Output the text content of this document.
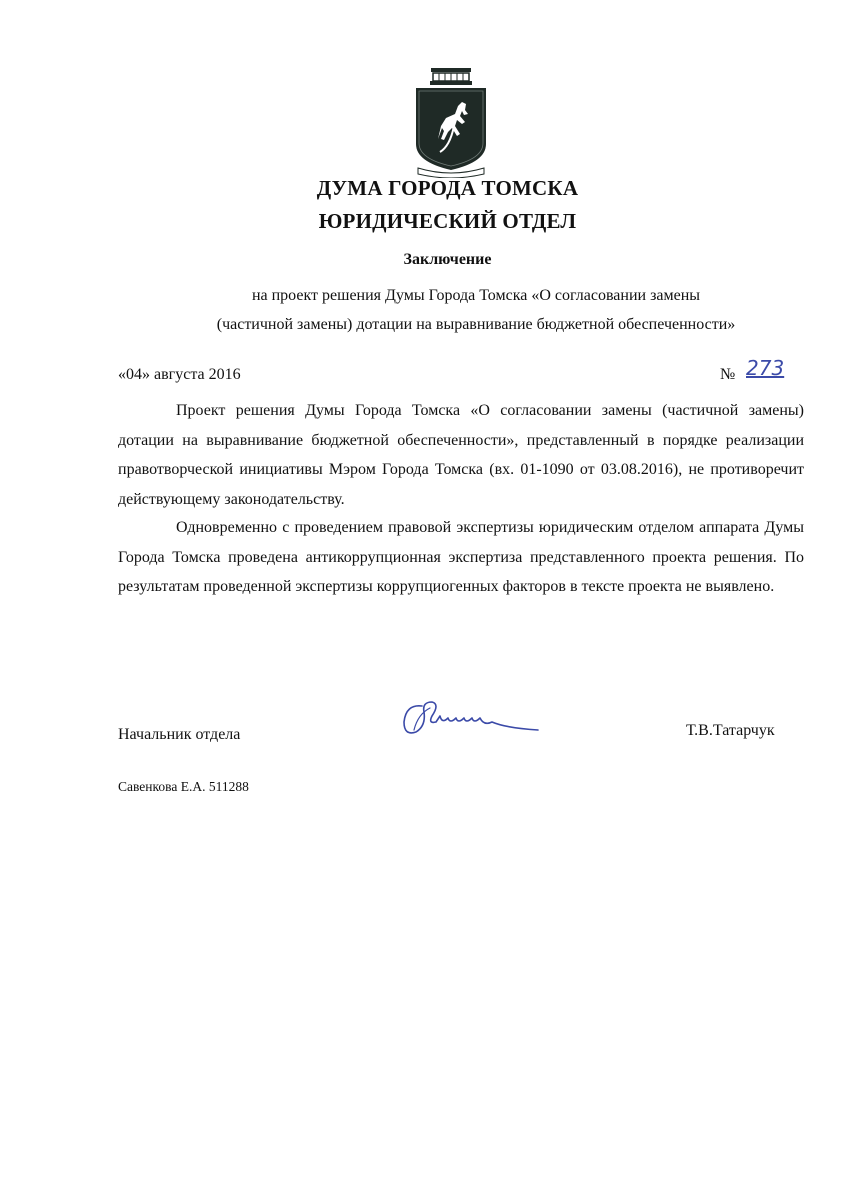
ДУМА ГОРОДА ТОМСКА
ЮРИДИЧЕСКИЙ ОТДЕЛ
Заключение
на проект решения Думы Города Томска «О согласовании замены
(частичной замены) дотации на выравнивание бюджетной обеспеченности»
«04» августа 2016	№ 273

Проект решения Думы Города Томска «О согласовании замены (частичной замены) дотации на выравнивание бюджетной обеспеченности», представленный в порядке реализации правотворческой инициативы Мэром Города Томска (вх. 01-1090 от 03.08.2016), не противоречит действующему законодательству.

Одновременно с проведением правовой экспертизы юридическим отделом аппарата Думы Города Томска проведена антикоррупционная экспертиза представленного проекта решения. По результатам проведенной экспертизы коррупциогенных факторов в тексте проекта не выявлено.

Начальник отдела	Т.В.Татарчук
Савенкова Е.А. 511288
